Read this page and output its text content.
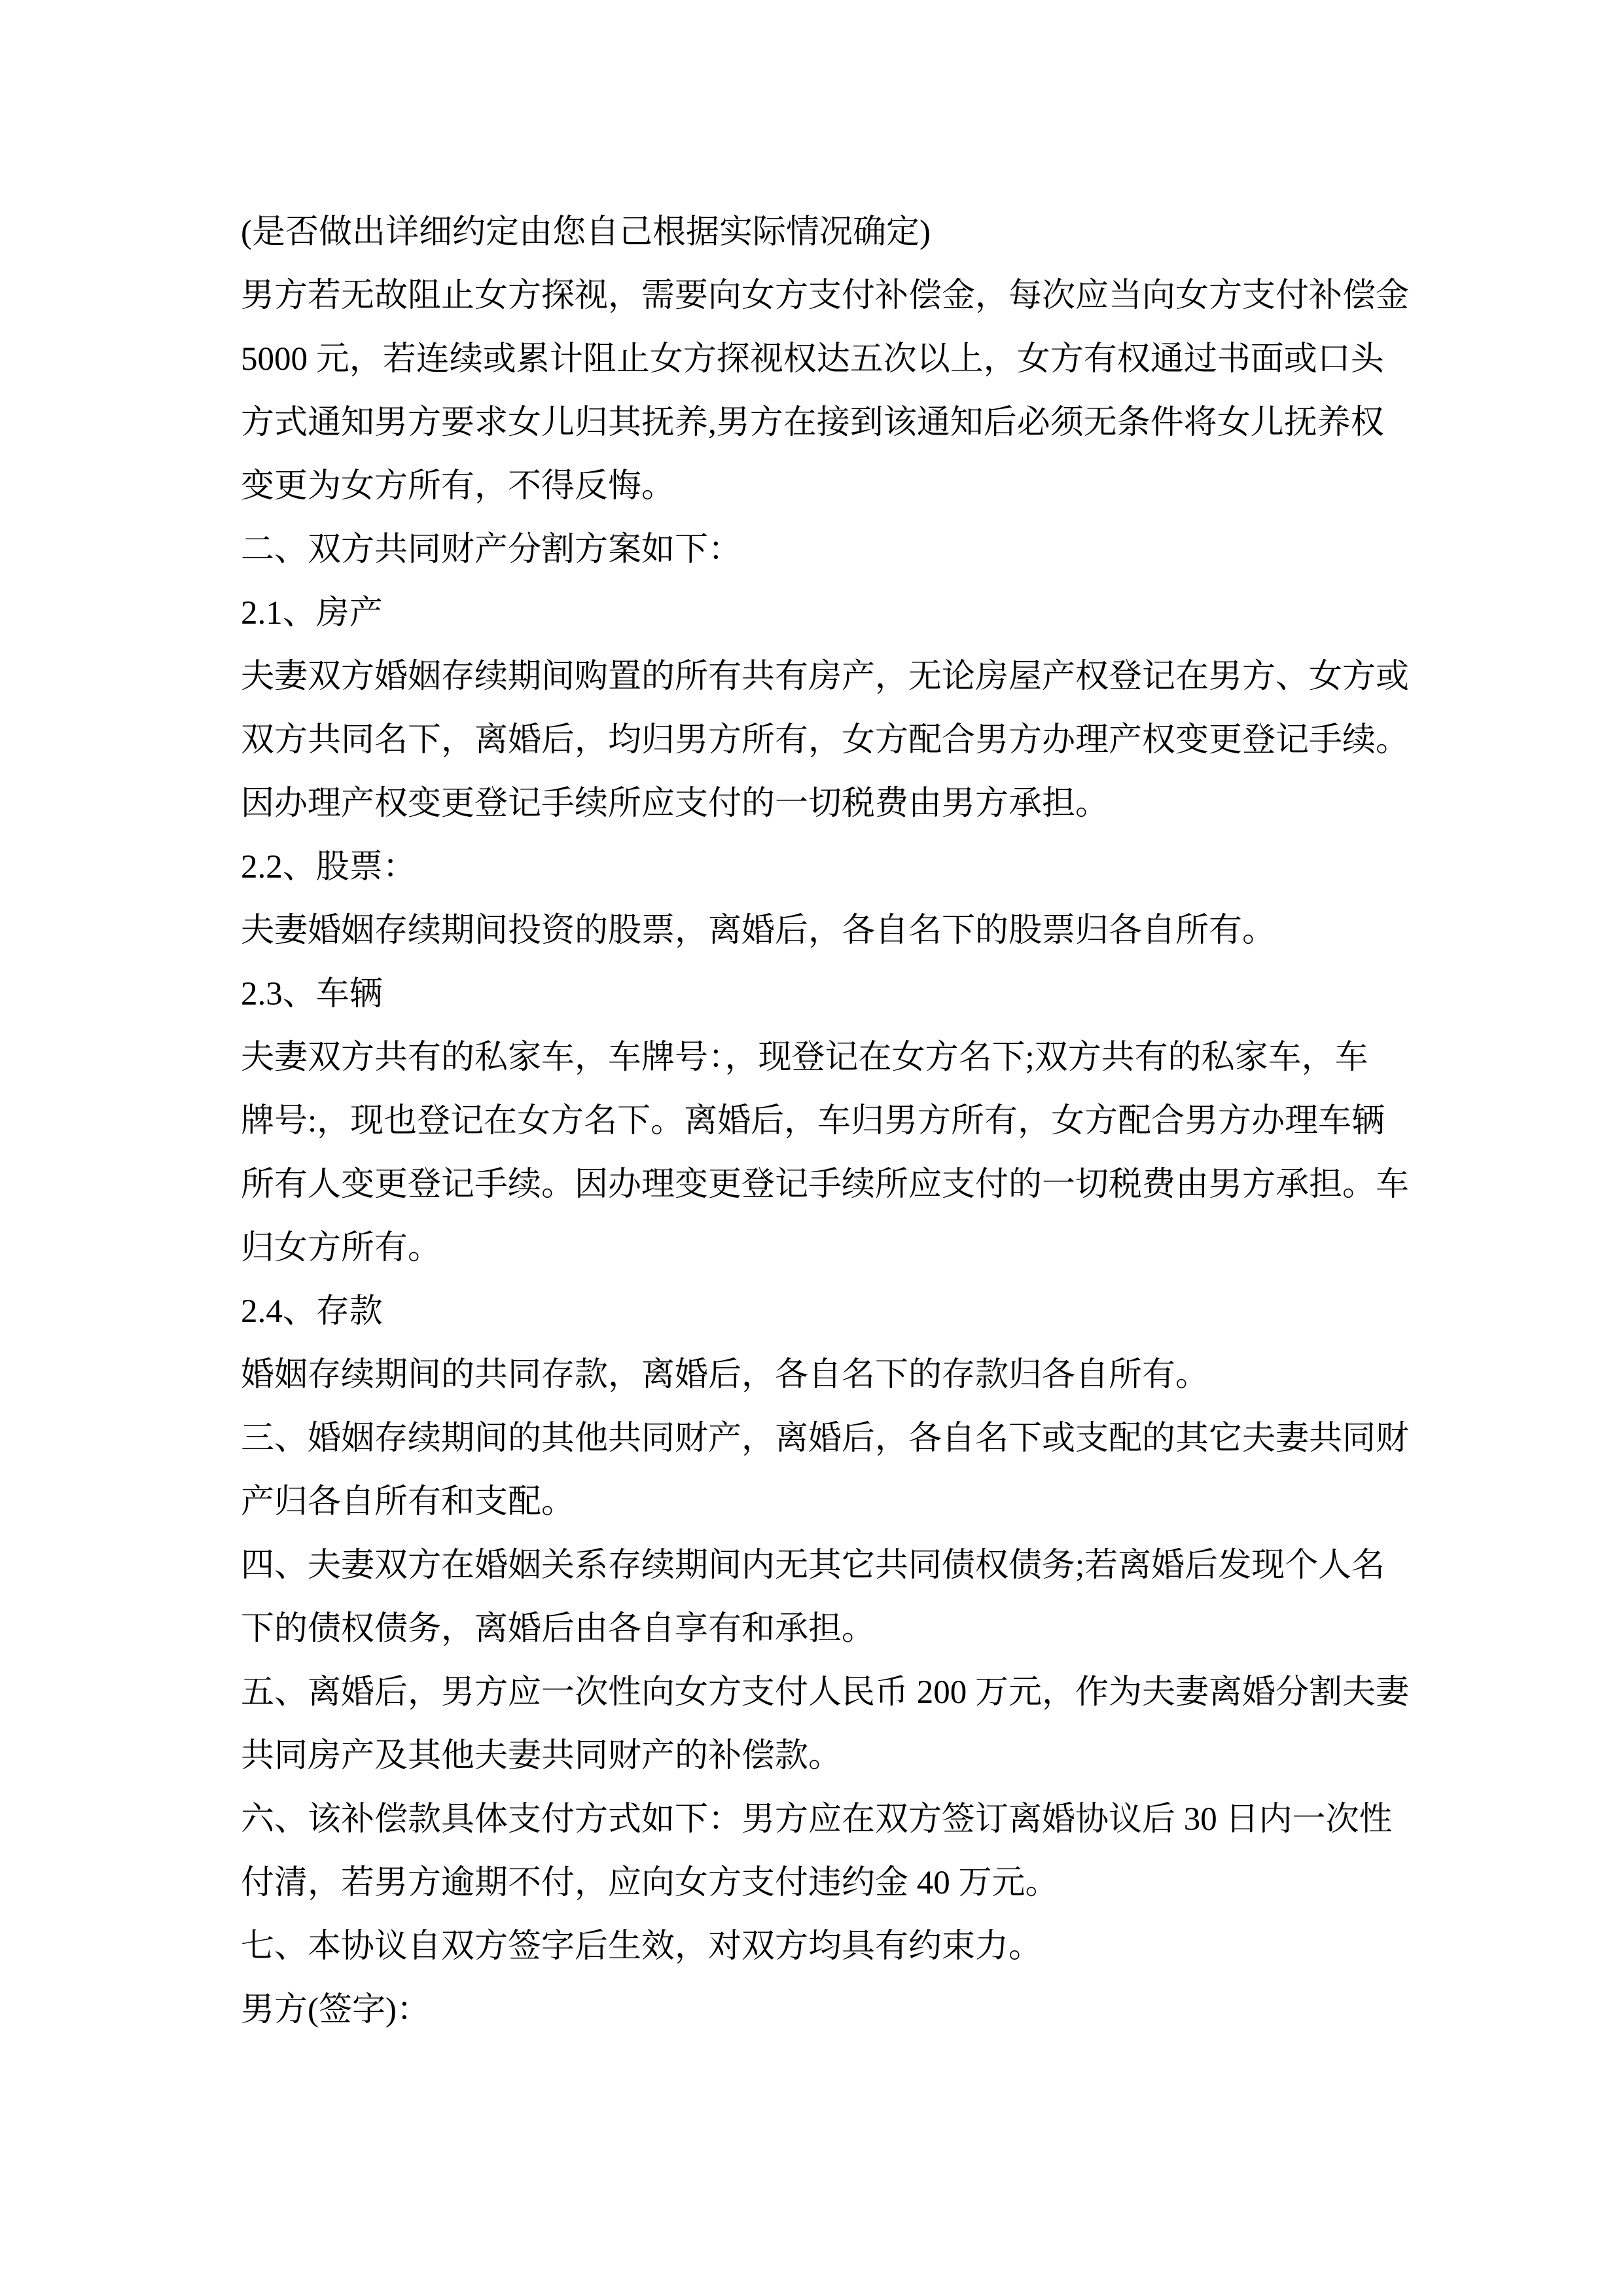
(是否做出详细约定由您自己根据实际情况确定)
男方若无故阻止女方探视，需要向女方支付补偿金，每次应当向女方支付补偿金
5000 元，若连续或累计阻止女方探视权达五次以上，女方有权通过书面或口头
方式通知男方要求女儿归其抚养,男方在接到该通知后必须无条件将女儿抚养权
变更为女方所有，不得反悔。
二、双方共同财产分割方案如下：
2.1、房产
夫妻双方婚姻存续期间购置的所有共有房产，无论房屋产权登记在男方、女方或
双方共同名下，离婚后，均归男方所有，女方配合男方办理产权变更登记手续。
因办理产权变更登记手续所应支付的一切税费由男方承担。
2.2、股票：
夫妻婚姻存续期间投资的股票，离婚后，各自名下的股票归各自所有。
2.3、车辆
夫妻双方共有的私家车，车牌号：，现登记在女方名下;双方共有的私家车，车
牌号:，现也登记在女方名下。离婚后，车归男方所有，女方配合男方办理车辆
所有人变更登记手续。因办理变更登记手续所应支付的一切税费由男方承担。车
归女方所有。
2.4、存款
婚姻存续期间的共同存款，离婚后，各自名下的存款归各自所有。
三、婚姻存续期间的其他共同财产，离婚后，各自名下或支配的其它夫妻共同财
产归各自所有和支配。
四、夫妻双方在婚姻关系存续期间内无其它共同债权债务;若离婚后发现个人名
下的债权债务，离婚后由各自享有和承担。
五、离婚后，男方应一次性向女方支付人民币 200 万元，作为夫妻离婚分割夫妻
共同房产及其他夫妻共同财产的补偿款。
六、该补偿款具体支付方式如下：男方应在双方签订离婚协议后 30 日内一次性
付清，若男方逾期不付，应向女方支付违约金 40 万元。
七、本协议自双方签字后生效，对双方均具有约束力。
男方(签字)：
